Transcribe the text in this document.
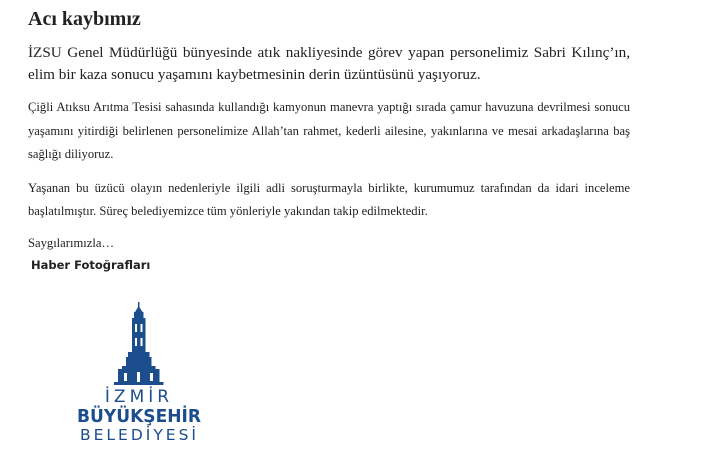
Acı kaybımız

İZSU Genel Müdürlüğü bünyesinde atık nakliyesinde görev yapan personelimiz Sabri Kılınç’ın, elim bir kaza sonucu yaşamını kaybetmesinin derin üzüntüsünü yaşıyoruz.

Çiğli Atıksu Arıtma Tesisi sahasında kullandığı kamyonun manevra yaptığı sırada çamur havuzuna devrilmesi sonucu yaşamını yitirdiği belirlenen personelimize Allah’tan rahmet, kederli ailesine, yakınlarına ve mesai arkadaşlarına baş sağlığı diliyoruz.

Yaşanan bu üzücü olayın nedenleriyle ilgili adli soruşturmayla birlikte, kurumumuz tarafından da idari inceleme başlatılmıştır. Süreç belediyemizce tüm yönleriyle yakından takip edilmektedir.

Saygılarımızla…

Haber Fotoğrafları
İZMİR
BÜYÜKŞEHİR
BELEDİYESİ
